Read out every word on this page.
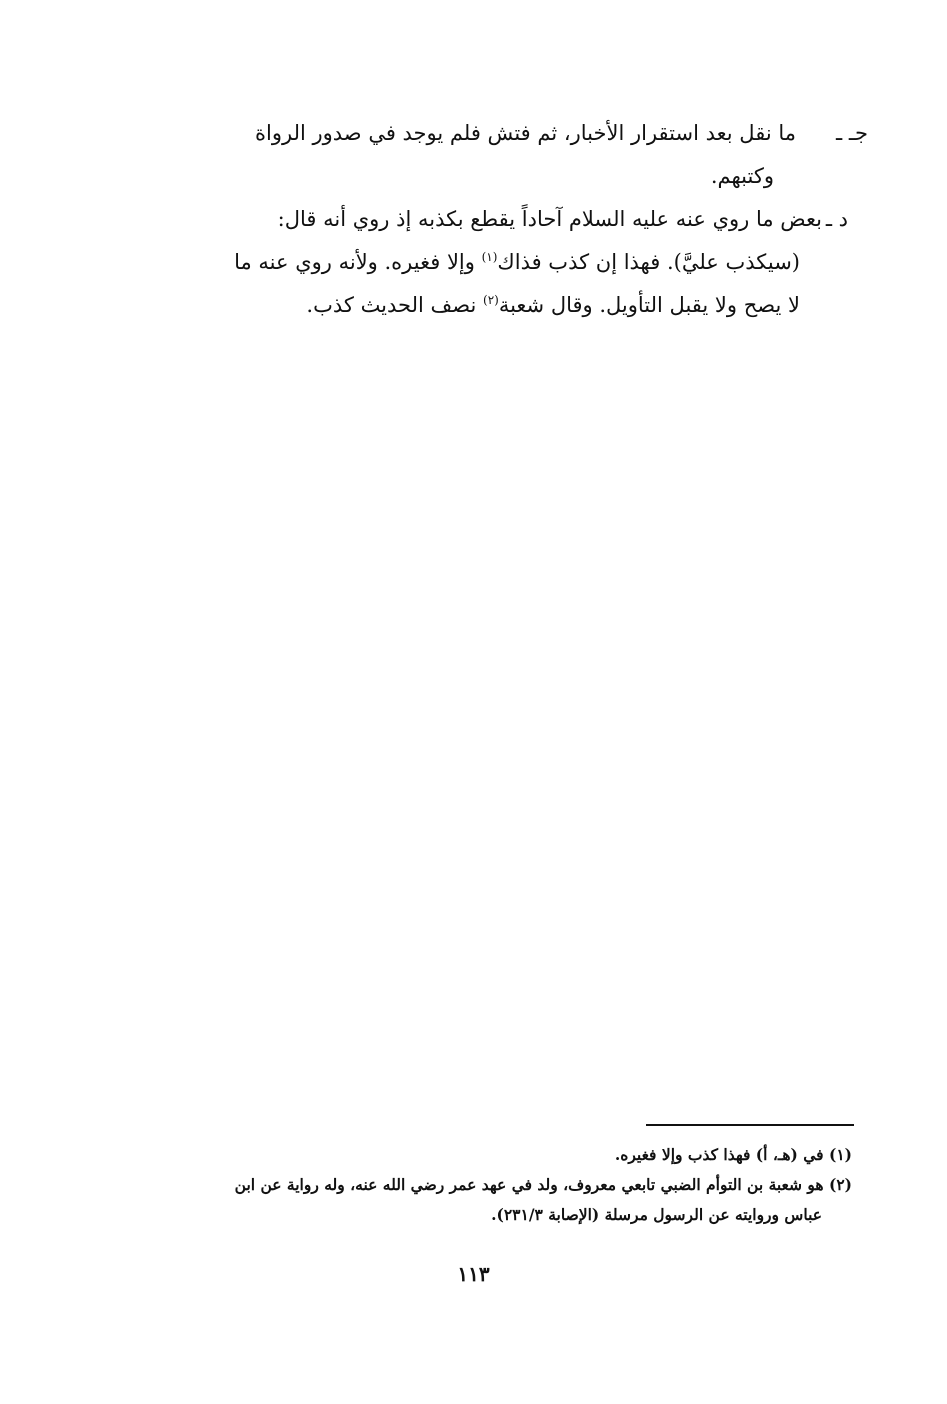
جـ ـ
ما نقل بعد استقرار الأخبار، ثم فتش فلم يوجد في صدور الرواة
وكتبهم.

د ـ
بعض ما روي عنه عليه السلام آحاداً يقطع بكذبه إذ روي أنه قال:
(سيكذب عليَّ). فهذا إن كذب فذاك$^{(١)}$ وإلا فغيره. ولأنه روي عنه ما
لا يصح ولا يقبل التأويل. وقال شعبة$^{(٢)}$ نصف الحديث كذب.

(١) في (هـ، أ) فهذا كذب وإلا فغيره.

(٢) هو شعبة بن التوأم الضبي تابعي معروف، ولد في عهد عمر رضي الله عنه، وله رواية عن ابن
عباس وروايته عن الرسول مرسلة (الإصابة ٢٣١/٣).

١١٣
